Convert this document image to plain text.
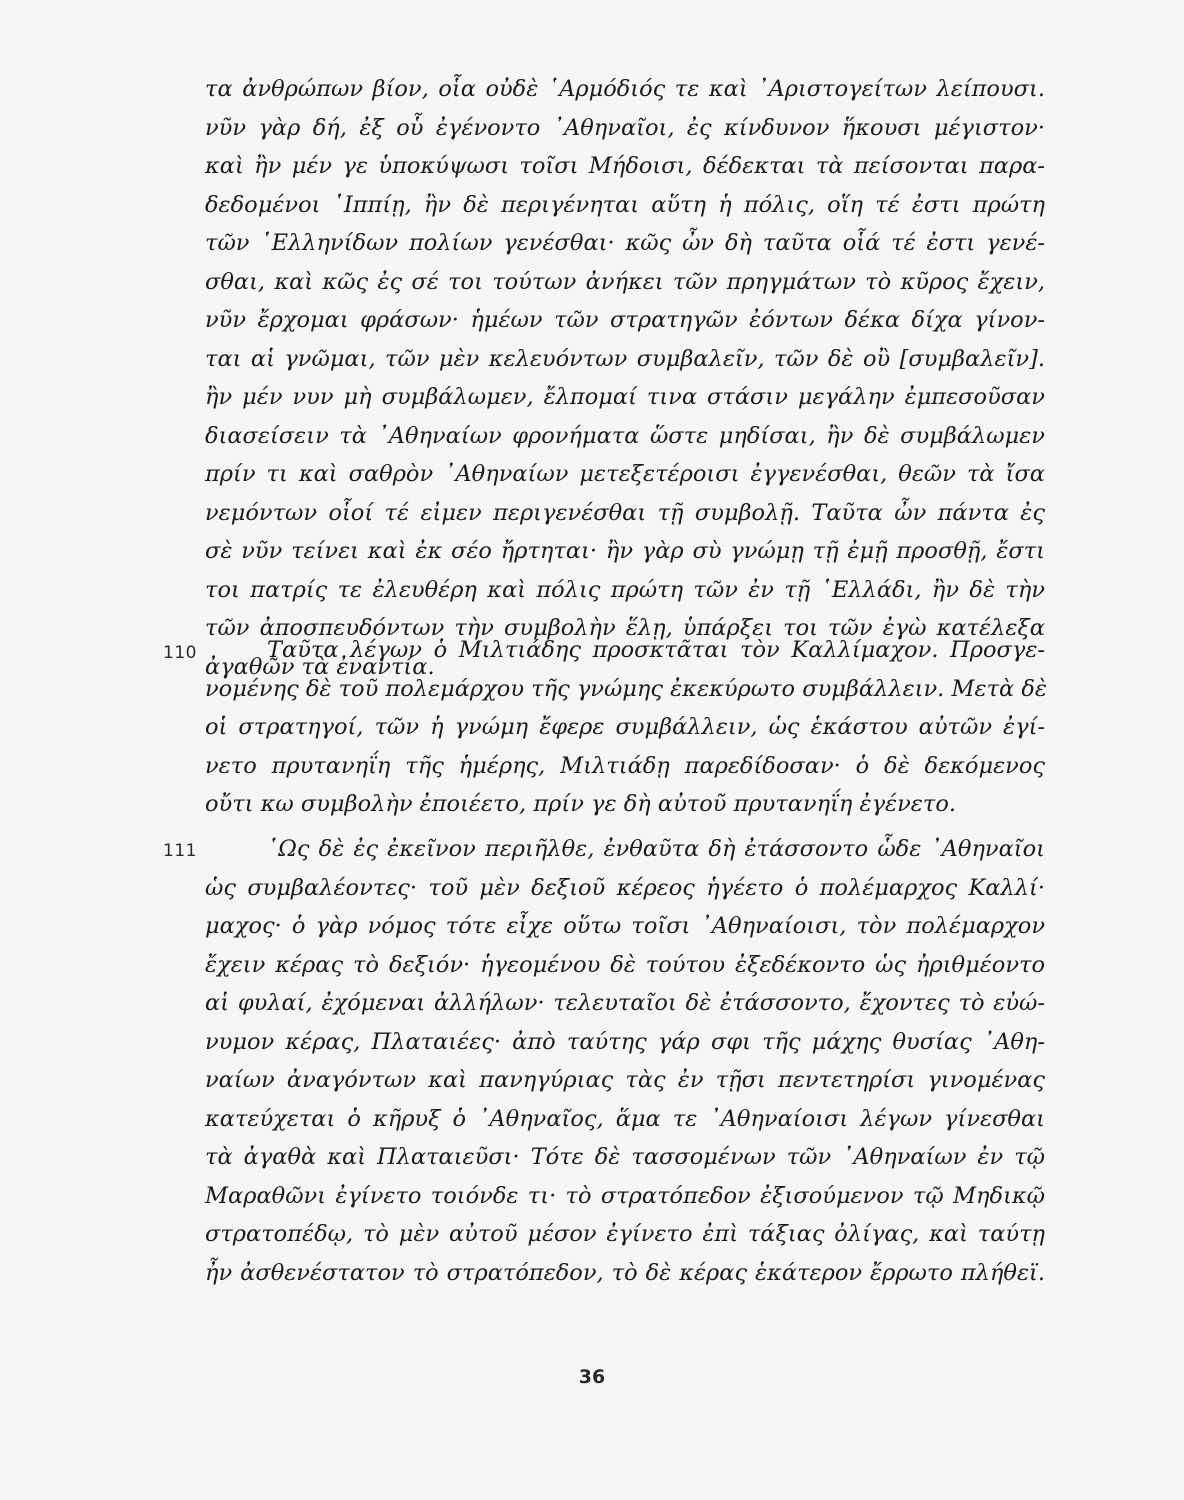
τα ἀνθρώπων βίον, οἷα οὐδὲ ῾Αρμόδιός τε καὶ ᾿Αριστογείτων λείπουσι.
νῦν γὰρ δή, ἐξ οὗ ἐγένοντο ᾿Αθηναῖοι, ἐς κίνδυνον ἥκουσι μέγιστον·
καὶ ἢν μέν γε ὑποκύψωσι τοῖσι Μήδοισι, δέδεκται τὰ πείσονται παρα-
δεδομένοι ῾Ιππίῃ, ἢν δὲ περιγένηται αὕτη ἡ πόλις, οἵη τέ ἐστι πρώτη
τῶν ῾Ελληνίδων πολίων γενέσθαι· κῶς ὦν δὴ ταῦτα οἷά τέ ἐστι γενέ-
σθαι, καὶ κῶς ἐς σέ τοι τούτων ἀνήκει τῶν πρηγμάτων τὸ κῦρος ἔχειν,
νῦν ἔρχομαι φράσων· ἡμέων τῶν στρατηγῶν ἐόντων δέκα δίχα γίνον-
ται αἱ γνῶμαι, τῶν μὲν κελευόντων συμβαλεῖν, τῶν δὲ οὒ [συμβαλεῖν].
ἢν μέν νυν μὴ συμβάλωμεν, ἔλπομαί τινα στάσιν μεγάλην ἐμπεσοῦσαν
διασείσειν τὰ ᾿Αθηναίων φρονήματα ὥστε μηδίσαι, ἢν δὲ συμβάλωμεν
πρίν τι καὶ σαθρὸν ᾿Αθηναίων μετεξετέροισι ἐγγενέσθαι, θεῶν τὰ ἴσα
νεμόντων οἷοί τέ εἰμεν περιγενέσθαι τῇ συμβολῇ. Ταῦτα ὦν πάντα ἐς
σὲ νῦν τείνει καὶ ἐκ σέο ἤρτηται· ἢν γὰρ σὺ γνώμῃ τῇ ἐμῇ προσθῇ, ἔστι
τοι πατρίς τε ἐλευθέρη καὶ πόλις πρώτη τῶν ἐν τῇ ῾Ελλάδι, ἢν δὲ τὴν
τῶν ἀποσπευδόντων τὴν συμβολὴν ἕλῃ, ὑπάρξει τοι τῶν ἐγὼ κατέλεξα
ἀγαθῶν τὰ ἐναντία.
110	Ταῦτα λέγων ὁ Μιλτιάδης προσκτᾶται τὸν Καλλίμαχον. Προσγε-
νομένης δὲ τοῦ πολεμάρχου τῆς γνώμης ἐκεκύρωτο συμβάλλειν. Μετὰ δὲ
οἱ στρατηγοί, τῶν ἡ γνώμη ἔφερε συμβάλλειν, ὡς ἑκάστου αὐτῶν ἐγί-
νετο πρυτανηΐη τῆς ἡμέρης, Μιλτιάδῃ παρεδίδοσαν· ὁ δὲ δεκόμενος
οὔτι κω συμβολὴν ἐποιέετο, πρίν γε δὴ αὐτοῦ πρυτανηΐη ἐγένετο.
111	῾Ως δὲ ἐς ἐκεῖνον περιῆλθε, ἐνθαῦτα δὴ ἐτάσσοντο ὧδε ᾿Αθηναῖοι
ὡς συμβαλέοντες· τοῦ μὲν δεξιοῦ κέρεος ἡγέετο ὁ πολέμαρχος Καλλί·
μαχος· ὁ γὰρ νόμος τότε εἶχε οὕτω τοῖσι ᾿Αθηναίοισι, τὸν πολέμαρχον
ἔχειν κέρας τὸ δεξιόν· ἡγεομένου δὲ τούτου ἐξεδέκοντο ὡς ἠριθμέοντο
αἱ φυλαί, ἐχόμεναι ἀλλήλων· τελευταῖοι δὲ ἐτάσσοντο, ἔχοντες τὸ εὐώ-
νυμον κέρας, Πλαταιέες· ἀπὸ ταύτης γάρ σφι τῆς μάχης θυσίας ᾿Αθη-
ναίων ἀναγόντων καὶ πανηγύριας τὰς ἐν τῇσι πεντετηρίσι γινομένας
κατεύχεται ὁ κῆρυξ ὁ ᾿Αθηναῖος, ἅμα τε ᾿Αθηναίοισι λέγων γίνεσθαι
τὰ ἀγαθὰ καὶ Πλαταιεῦσι· Τότε δὲ τασσομένων τῶν ᾿Αθηναίων ἐν τῷ
Μαραθῶνι ἐγίνετο τοιόνδε τι· τὸ στρατόπεδον ἐξισούμενον τῷ Μηδικῷ
στρατοπέδῳ, τὸ μὲν αὐτοῦ μέσον ἐγίνετο ἐπὶ τάξιας ὀλίγας, καὶ ταύτῃ
ἦν ἀσθενέστατον τὸ στρατόπεδον, τὸ δὲ κέρας ἑκάτερον ἔρρωτο πλήθεϊ.
36
